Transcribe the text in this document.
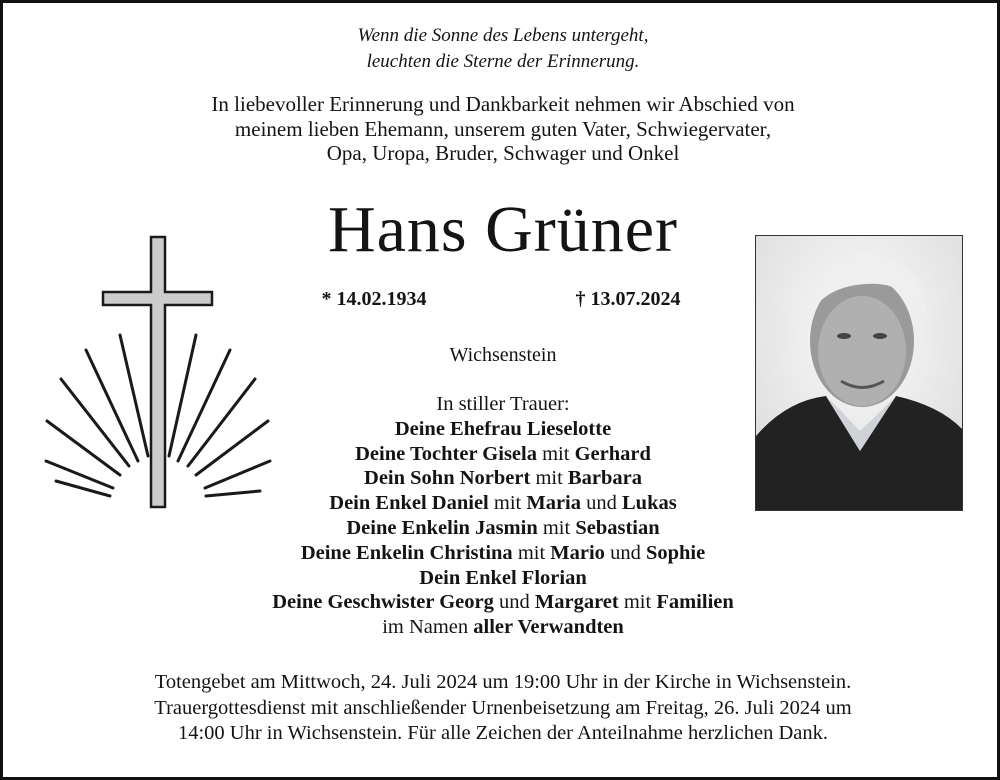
Wenn die Sonne des Lebens untergeht,
leuchten die Sterne der Erinnerung.
In liebevoller Erinnerung und Dankbarkeit nehmen wir Abschied von
meinem lieben Ehemann, unserem guten Vater, Schwiegervater,
Opa, Uropa, Bruder, Schwager und Onkel
Hans Grüner
* 14.02.1934	† 13.07.2024
Wichsenstein
In stiller Trauer:
Deine Ehefrau Lieselotte
Deine Tochter Gisela mit Gerhard
Dein Sohn Norbert mit Barbara
Dein Enkel Daniel mit Maria und Lukas
Deine Enkelin Jasmin mit Sebastian
Deine Enkelin Christina mit Mario und Sophie
Dein Enkel Florian
Deine Geschwister Georg und Margaret mit Familien
im Namen aller Verwandten
Totengebet am Mittwoch, 24. Juli 2024 um 19:00 Uhr in der Kirche in Wichsenstein.
Trauergottesdienst mit anschließender Urnenbeisetzung am Freitag, 26. Juli 2024 um
14:00 Uhr in Wichsenstein. Für alle Zeichen der Anteilnahme herzlichen Dank.
